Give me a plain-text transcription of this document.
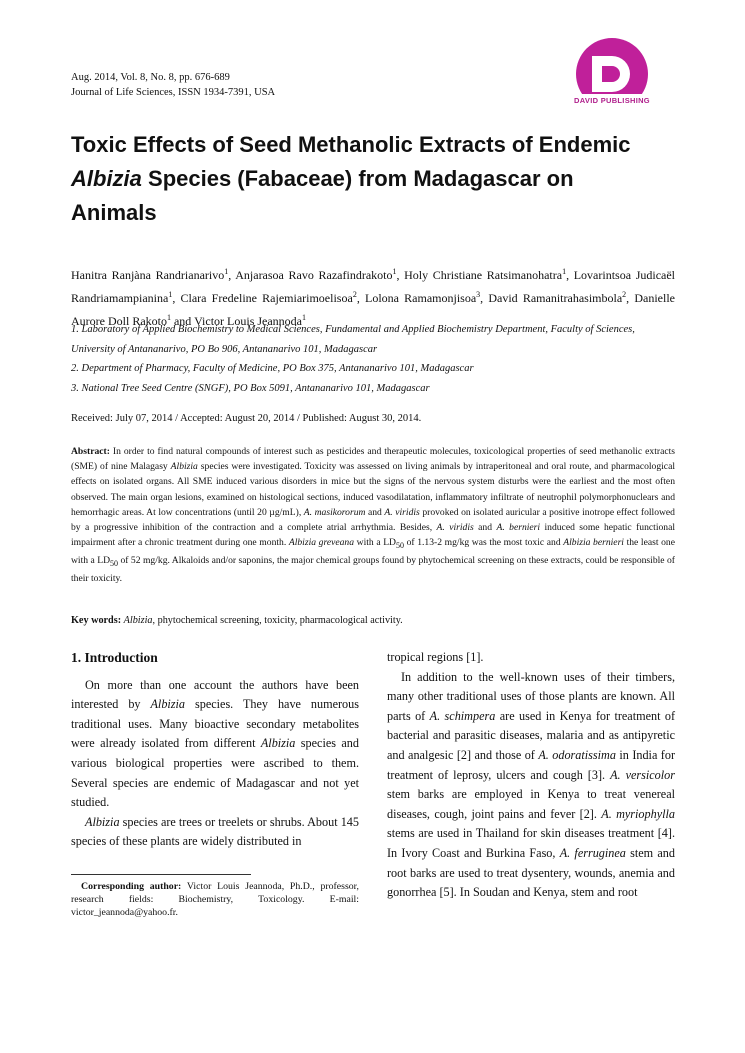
Aug. 2014, Vol. 8, No. 8, pp. 676-689
Journal of Life Sciences, ISSN 1934-7391, USA
DAVID PUBLISHING
Toxic Effects of Seed Methanolic Extracts of Endemic
Albizia Species (Fabaceae) from Madagascar on
Animals
Hanitra Ranjàna Randrianarivo$^1$, Anjarasoa Ravo Razafindrakoto$^1$, Holy Christiane Ratsimanohatra$^1$, Lovarintsoa Judicaël Randriamampianina$^1$, Clara Fredeline Rajemiarimoelisoa$^2$, Lolona Ramamonjisoa$^3$, David Ramanitrahasimbola$^2$, Danielle Aurore Doll Rakoto$^1$ and Victor Louis Jeannoda$^1$
1. Laboratory of Applied Biochemistry to Medical Sciences, Fundamental and Applied Biochemistry Department, Faculty of Sciences, University of Antananarivo, PO Bo 906, Antananarivo 101, Madagascar
2. Department of Pharmacy, Faculty of Medicine, PO Box 375, Antananarivo 101, Madagascar
3. National Tree Seed Centre (SNGF), PO Box 5091, Antananarivo 101, Madagascar
Received: July 07, 2014 / Accepted: August 20, 2014 / Published: August 30, 2014.
Abstract: In order to find natural compounds of interest such as pesticides and therapeutic molecules, toxicological properties of seed methanolic extracts (SME) of nine Malagasy Albizia species were investigated. Toxicity was assessed on living animals by intraperitoneal and oral route, and pharmacological effects on isolated organs. All SME induced various disorders in mice but the signs of the nervous system disturbs were the earliest and the most often observed. The main organ lesions, examined on histological sections, induced vasodilatation, inflammatory infiltrate of neutrophil polymorphonuclears and hemorrhagic areas. At low concentrations (until 20 µg/mL), A. masikororum and A. viridis provoked on isolated auricular a positive inotrope effect followed by a progressive inhibition of the contraction and a complete atrial arrhythmia. Besides, A. viridis and A. bernieri induced some hepatic functional impairment after a chronic treatment during one month. Albizia greveana with a $LD_{50}$ of 1.13-2 mg/kg was the most toxic and Albizia bernieri the least one with a $LD_{50}$ of 52 mg/kg. Alkaloids and/or saponins, the major chemical groups found by phytochemical screening on these extracts, could be responsible of their toxicity.
Key words: Albizia, phytochemical screening, toxicity, pharmacological activity.
1. Introduction

On more than one account the authors have been interested by Albizia species. They have numerous traditional uses. Many bioactive secondary metabolites were already isolated from different Albizia species and various biological properties were ascribed to them. Several species are endemic of Madagascar and not yet studied.

Albizia species are trees or treelets or shrubs. About 145 species of these plants are widely distributed in

Corresponding author: Victor Louis Jeannoda, Ph.D., professor, research fields: Biochemistry, Toxicology. E-mail: victor_jeannoda@yahoo.fr.

tropical regions [1].

In addition to the well-known uses of their timbers, many other traditional uses of those plants are known. All parts of A. schimpera are used in Kenya for treatment of bacterial and parasitic diseases, malaria and as antipyretic and analgesic [2] and those of A. odoratissima in India for treatment of leprosy, ulcers and cough [3]. A. versicolor stem barks are employed in Kenya to treat venereal diseases, cough, joint pains and fever [2]. A. myriophylla stems are used in Thailand for skin diseases treatment [4]. In Ivory Coast and Burkina Faso, A. ferruginea stem and root barks are used to treat dysentery, wounds, anemia and gonorrhea [5]. In Soudan and Kenya, stem and root
